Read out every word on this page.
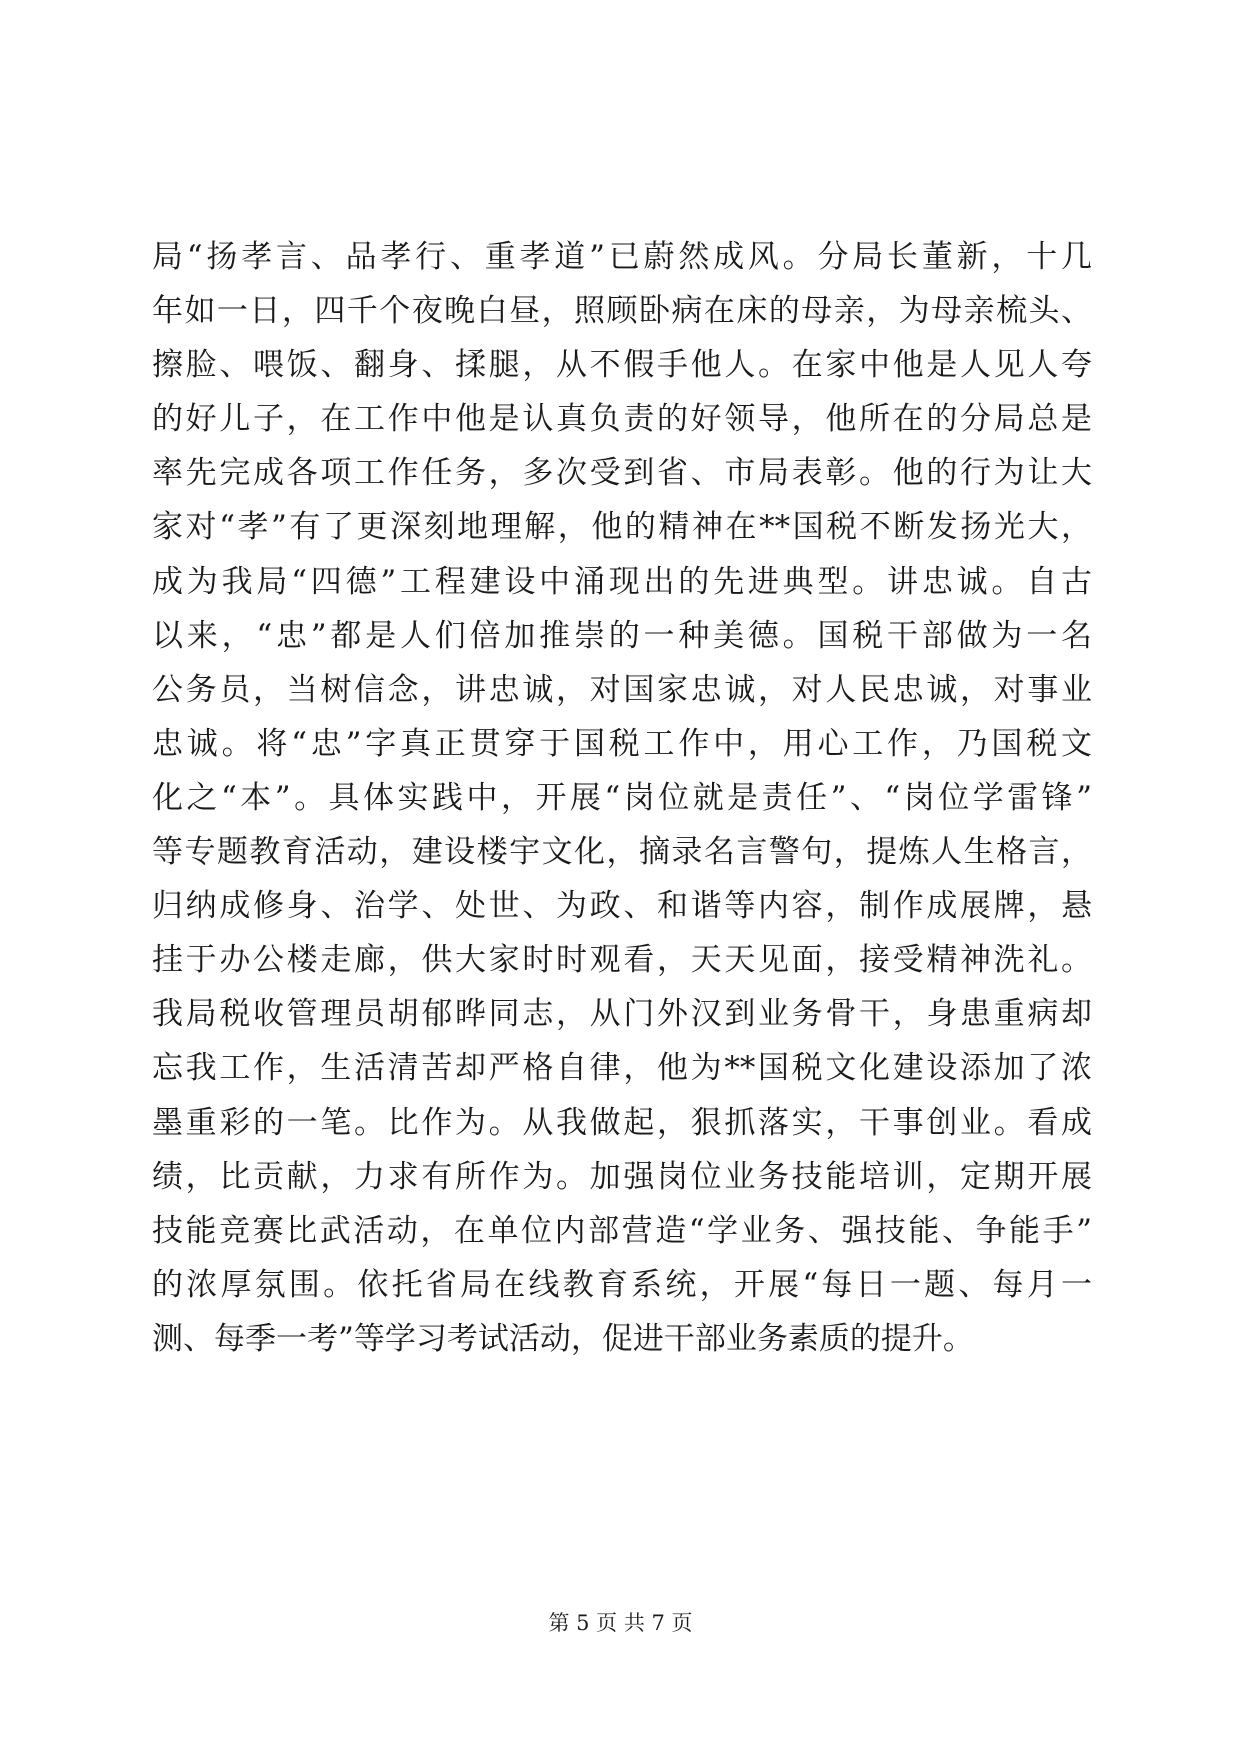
局“扬孝言、品孝行、重孝道”已蔚然成风。分局长董新，十几
年如一日，四千个夜晚白昼，照顾卧病在床的母亲，为母亲梳头、
擦脸、喂饭、翻身、揉腿，从不假手他人。在家中他是人见人夸
的好儿子，在工作中他是认真负责的好领导，他所在的分局总是
率先完成各项工作任务，多次受到省、市局表彰。他的行为让大
家对“孝”有了更深刻地理解，他的精神在**国税不断发扬光大，
成为我局“四德”工程建设中涌现出的先进典型。讲忠诚。自古
以来，“忠”都是人们倍加推崇的一种美德。国税干部做为一名
公务员，当树信念，讲忠诚，对国家忠诚，对人民忠诚，对事业
忠诚。将“忠”字真正贯穿于国税工作中，用心工作，乃国税文
化之“本”。具体实践中，开展“岗位就是责任”、“岗位学雷锋”
等专题教育活动，建设楼宇文化，摘录名言警句，提炼人生格言，
归纳成修身、治学、处世、为政、和谐等内容，制作成展牌，悬
挂于办公楼走廊，供大家时时观看，天天见面，接受精神洗礼。
我局税收管理员胡郁晔同志，从门外汉到业务骨干，身患重病却
忘我工作，生活清苦却严格自律，他为**国税文化建设添加了浓
墨重彩的一笔。比作为。从我做起，狠抓落实，干事创业。看成
绩，比贡献，力求有所作为。加强岗位业务技能培训，定期开展
技能竞赛比武活动，在单位内部营造“学业务、强技能、争能手”
的浓厚氛围。依托省局在线教育系统，开展“每日一题、每月一
测、每季一考”等学习考试活动，促进干部业务素质的提升。
第 5 页 共 7 页
